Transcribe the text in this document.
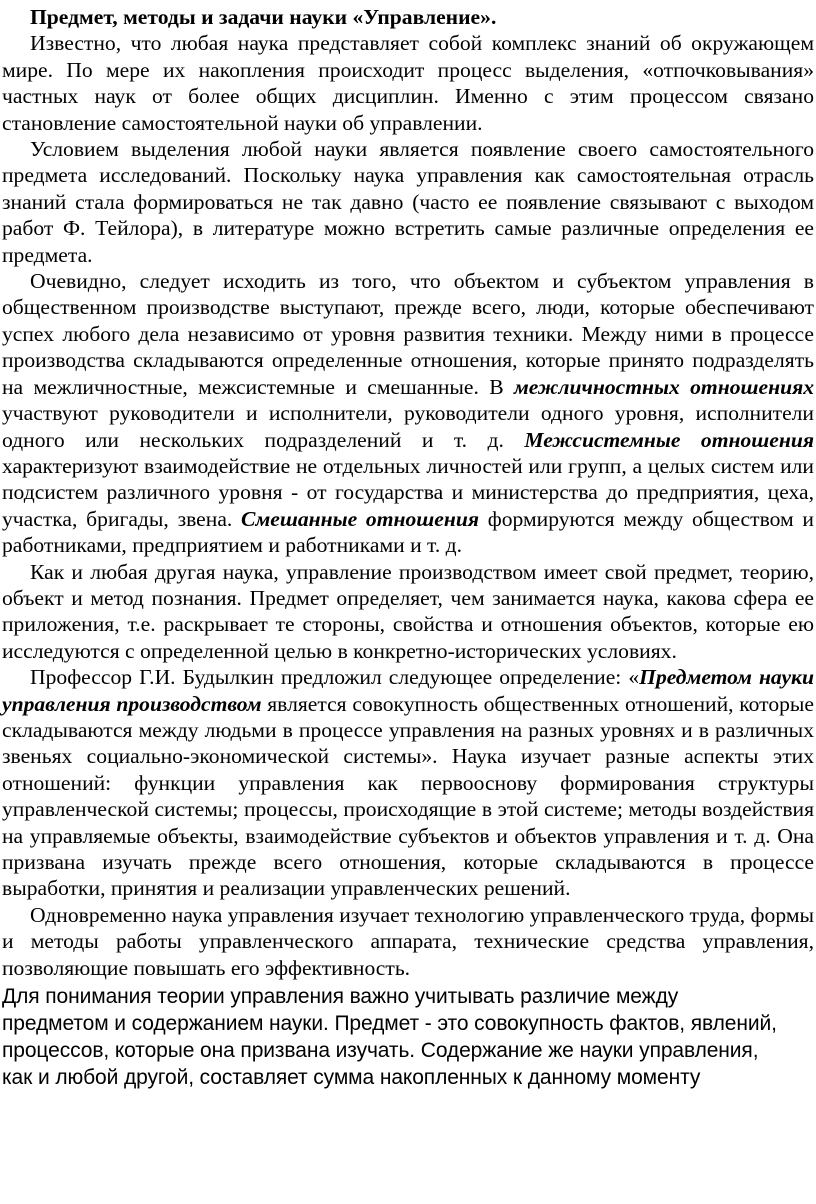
Предмет, методы и задачи науки «Управление».

Известно, что любая наука представляет собой комплекс знаний об окружающем мире. По мере их накопления происходит процесс выделения, «отпочковывания» частных наук от более общих дисциплин. Именно с этим процессом связано становление самостоятельной науки об управлении.

Условием выделения любой науки является появление своего самостоятельного предмета исследований. Поскольку наука управления как самостоятельная отрасль знаний стала формироваться не так давно (часто ее появление связывают с выходом работ Ф. Тейлора), в литературе можно встретить самые различные определения ее предмета.

Очевидно, следует исходить из того, что объектом и субъектом управления в общественном производстве выступают, прежде всего, люди, которые обеспечивают успех любого дела независимо от уровня развития техники. Между ними в процессе производства складываются определенные отношения, которые принято подразделять на межличностные, межсистемные и смешанные. В межличностных отношениях участвуют руководители и исполнители, руководители одного уровня, исполнители одного или нескольких подразделений и т. д. Межсистемные отношения характеризуют взаимодействие не отдельных личностей или групп, а целых систем или подсистем различного уровня - от государства и министерства до предприятия, цеха, участка, бригады, звена. Смешанные отношения формируются между обществом и работниками, предприятием и работниками и т. д.

Как и любая другая наука, управление производством имеет свой предмет, теорию, объект и метод познания. Предмет определяет, чем занимается наука, какова сфера ее приложения, т.е. раскрывает те стороны, свойства и отношения объектов, которые ею исследуются с определенной целью в конкретно-исторических условиях.

Профессор Г.И. Будылкин предложил следующее определение: «Предметом науки управления производством является совокупность общественных отношений, которые складываются между людьми в процессе управления на разных уровнях и в различных звеньях социально-экономической системы». Наука изучает разные аспекты этих отношений: функции управления как первооснову формирования структуры управленческой системы; процессы, происходящие в этой системе; методы воздействия на управляемые объекты, взаимодействие субъектов и объектов управления и т. д. Она призвана изучать прежде всего отношения, которые складываются в процессе выработки, принятия и реализации управленческих решений.

Одновременно наука управления изучает технологию управленческого труда, формы и методы работы управленческого аппарата, технические средства управления, позволяющие повышать его эффективность.

Для понимания теории управления важно учитывать различие между
предметом и содержанием науки. Предмет - это совокупность фактов, явлений,
процессов, которые она призвана изучать. Содержание же науки управления,
как и любой другой, составляет сумма накопленных к данному моменту
